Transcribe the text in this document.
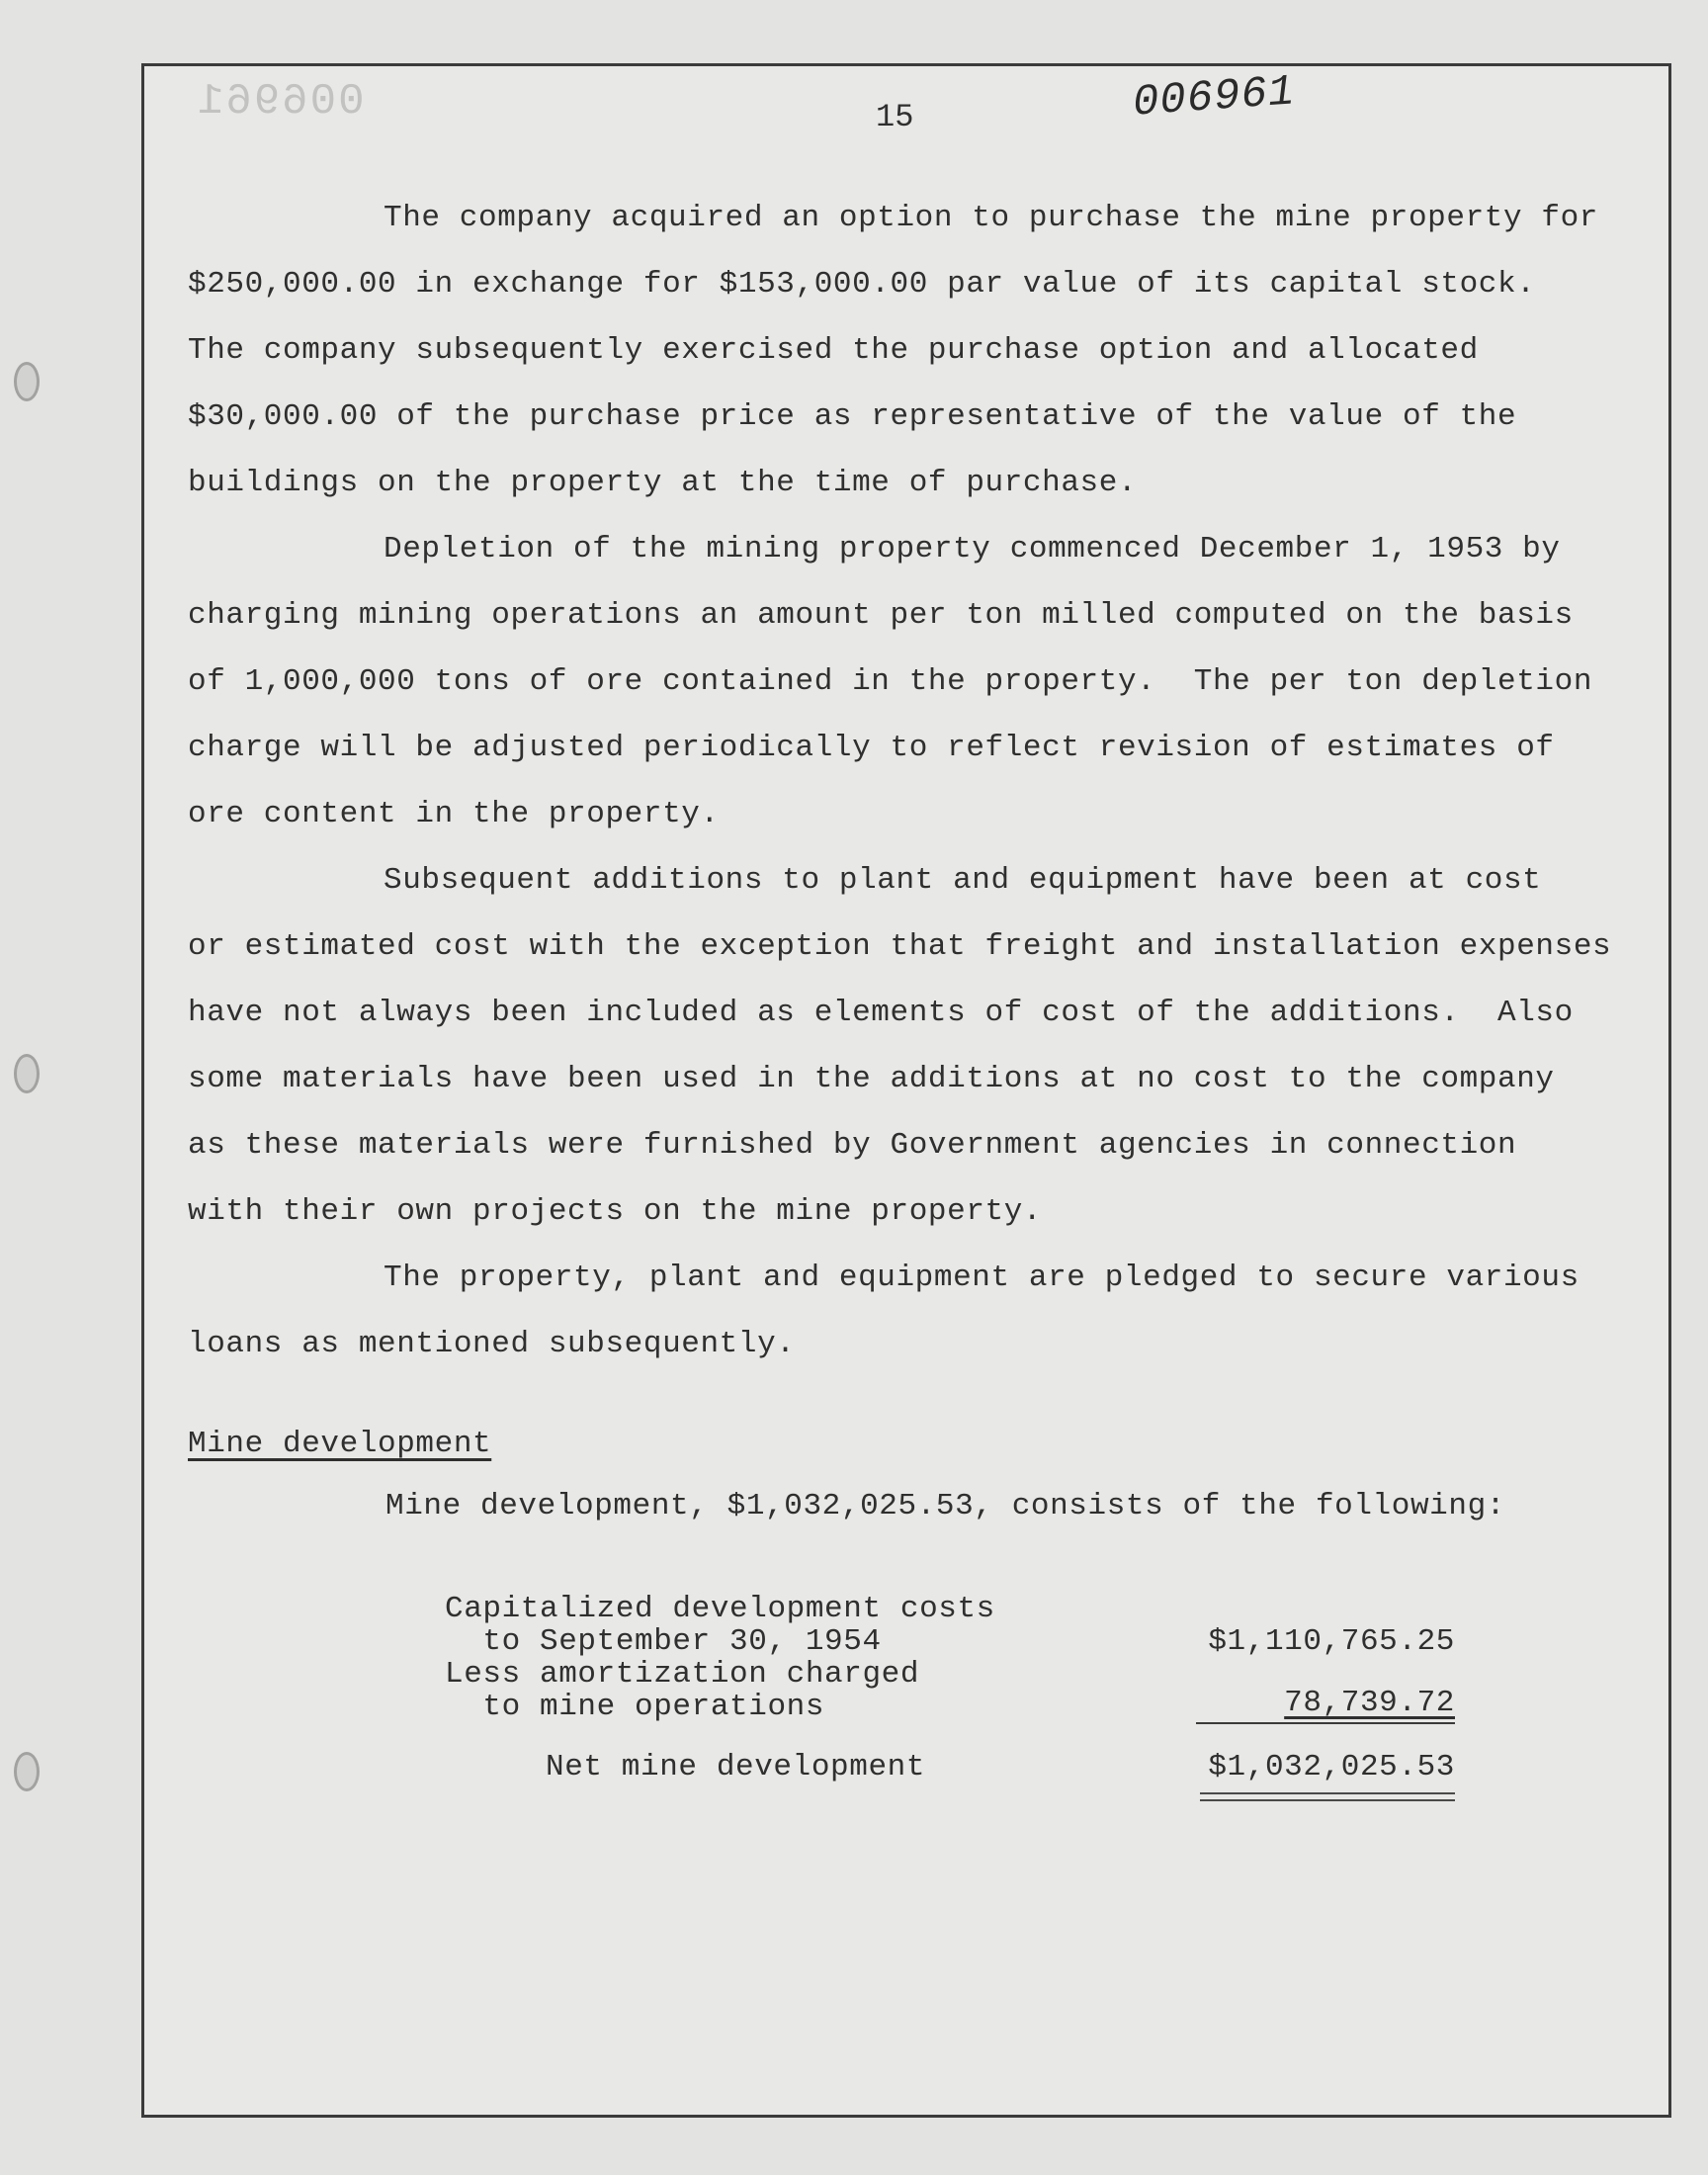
006961	15	006961
The company acquired an option to purchase the mine property for
$250,000.00 in exchange for $153,000.00 par value of its capital stock.
The company subsequently exercised the purchase option and allocated
$30,000.00 of the purchase price as representative of the value of the
buildings on the property at the time of purchase.
Depletion of the mining property commenced December 1, 1953 by
charging mining operations an amount per ton milled computed on the basis
of 1,000,000 tons of ore contained in the property.  The per ton depletion
charge will be adjusted periodically to reflect revision of estimates of
ore content in the property.
Subsequent additions to plant and equipment have been at cost
or estimated cost with the exception that freight and installation expenses
have not always been included as elements of cost of the additions.  Also
some materials have been used in the additions at no cost to the company
as these materials were furnished by Government agencies in connection
with their own projects on the mine property.
The property, plant and equipment are pledged to secure various
loans as mentioned subsequently.
Mine development
Mine development, $1,032,025.53, consists of the following:
Capitalized development costs
to September 30, 1954	$1,110,765.25
Less amortization charged
to mine operations	78,739.72
Net mine development	$1,032,025.53
